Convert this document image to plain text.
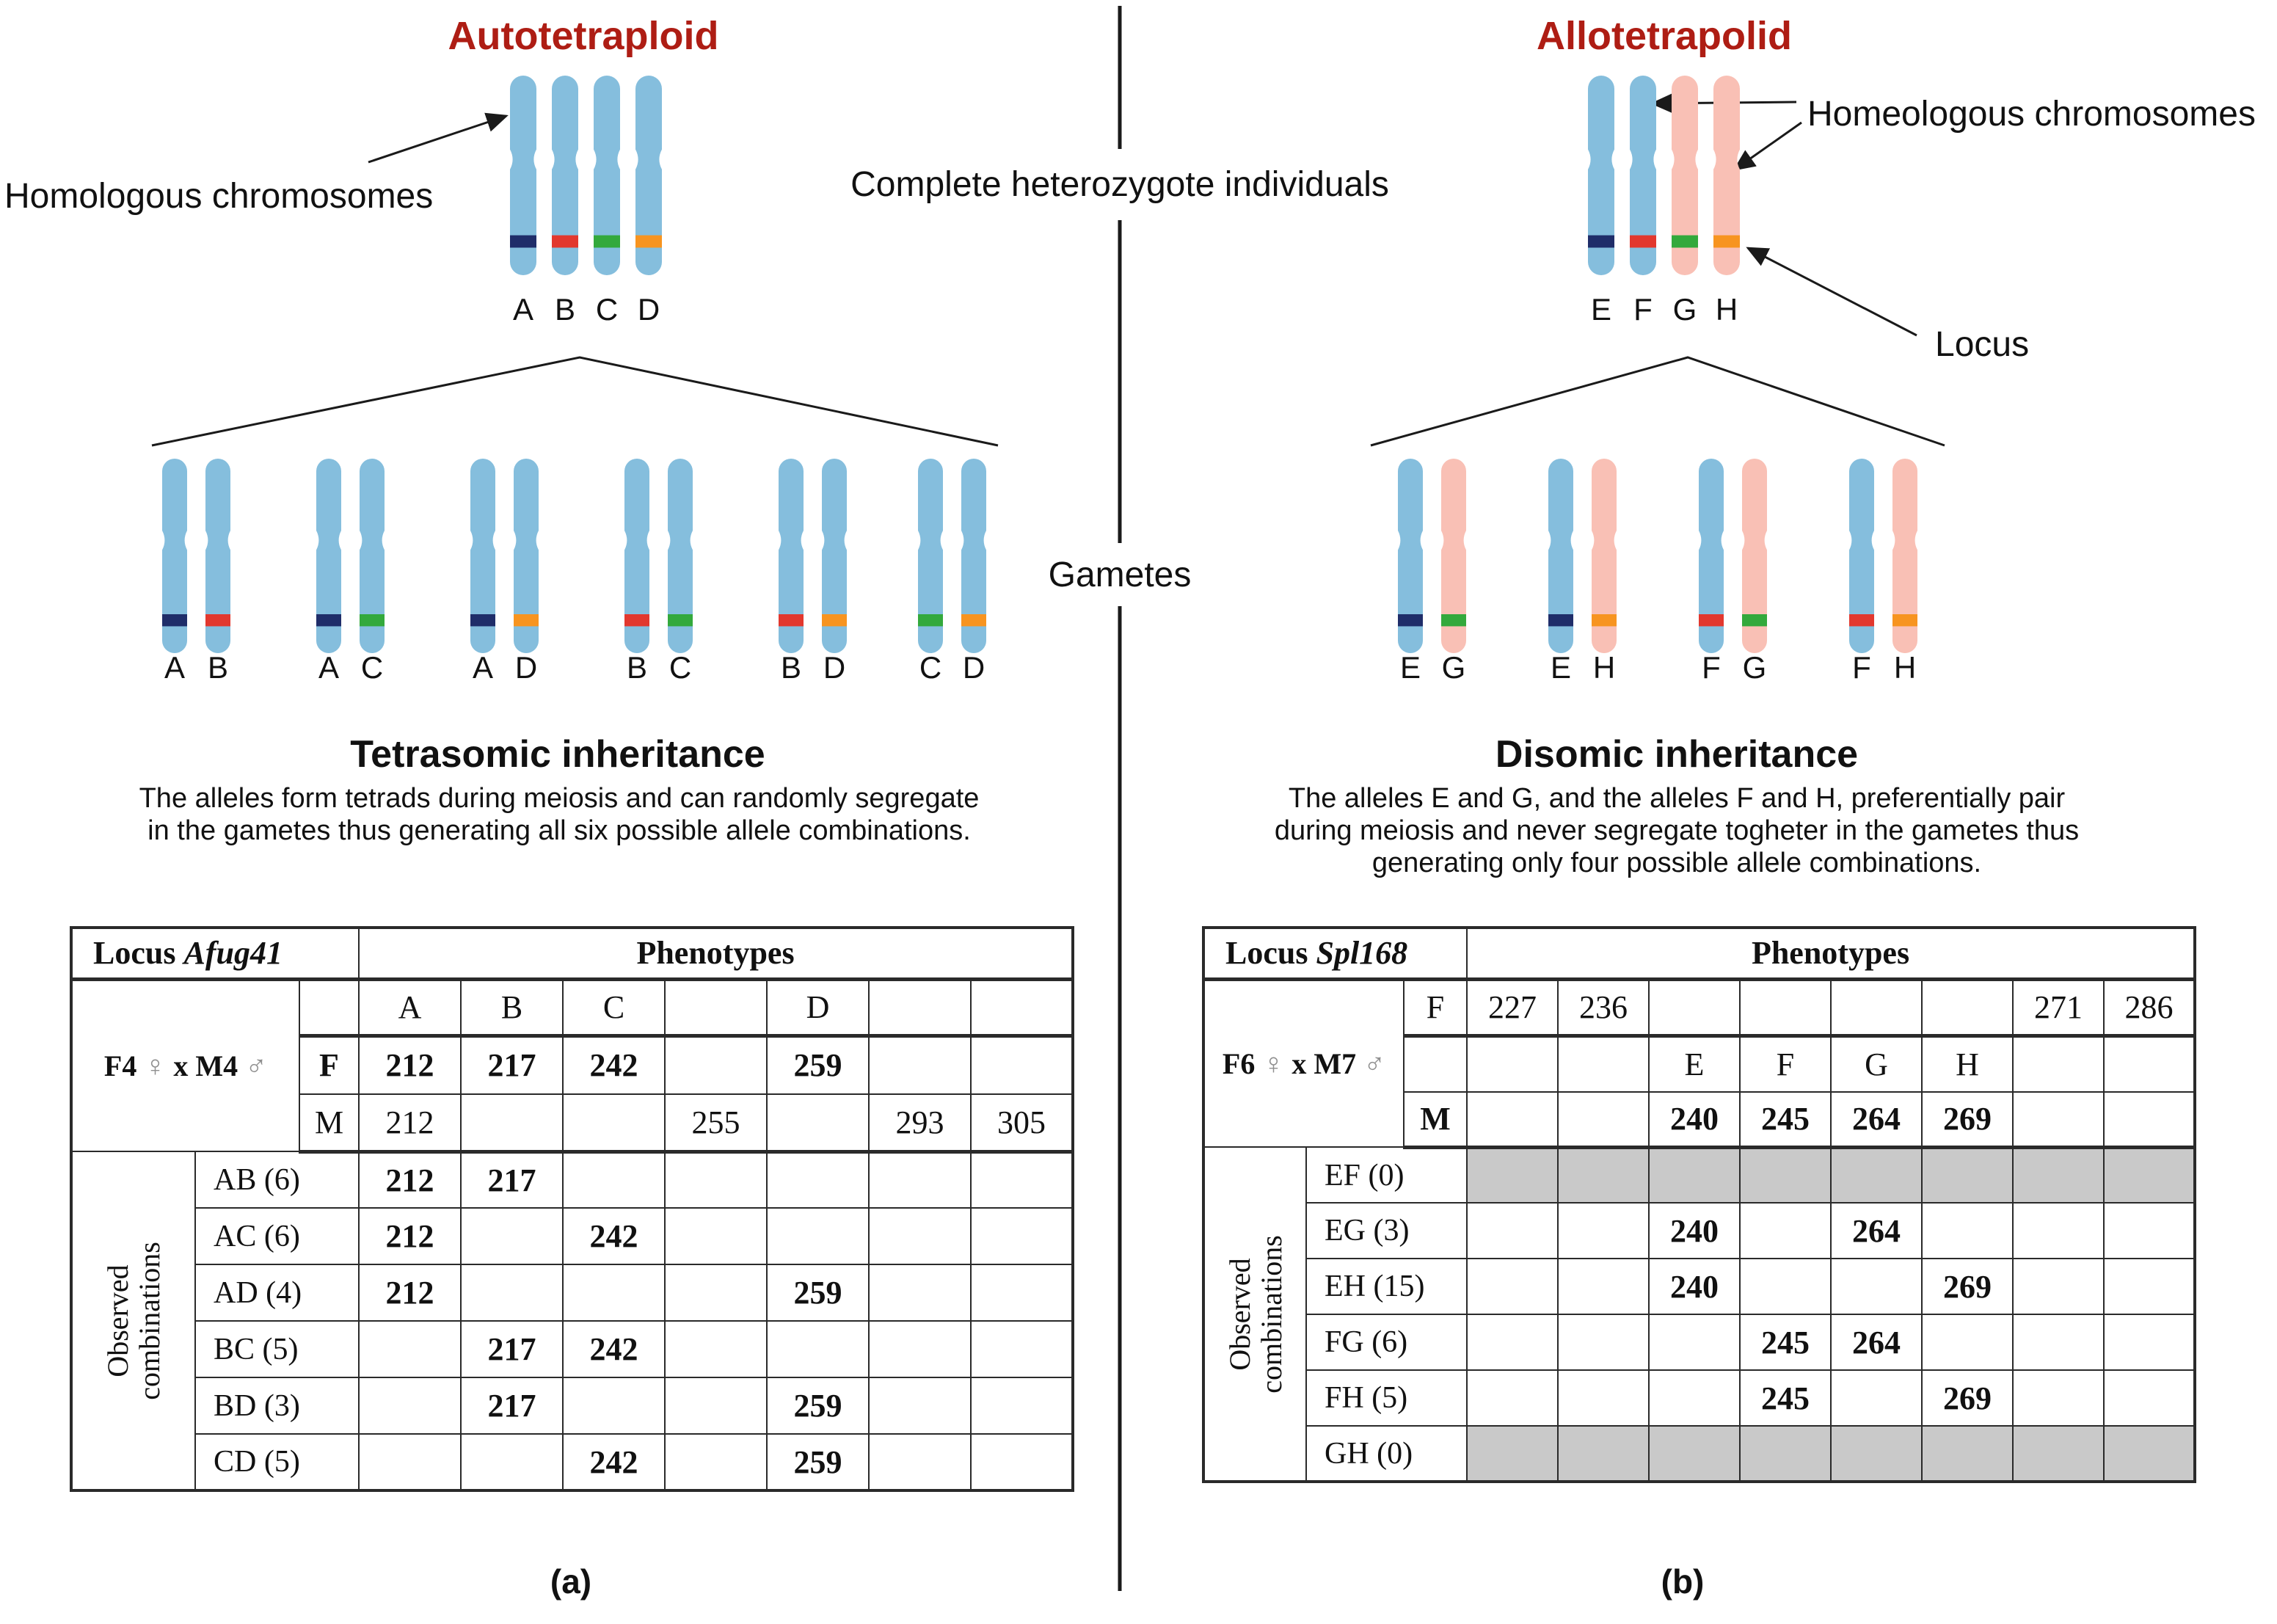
Autotetraploid	Allotetrapolid
Homologous chromosomes	Complete heterozygote individuals
Homeologous chromosomes
Locus
Gametes
A B C D	E F G H
A B	A C	A D	B C	B D C D	E G	E H	F G	F H
Tetrasomic inheritance
The alleles form tetrads during meiosis and can randomly segregate
in the gametes thus generating all six possible allele combinations.
Disomic inheritance
The alleles E and G, and the alleles F and H, preferentially pair
during meiosis and never segregate togheter in the gametes thus
generating only four possible allele combinations.
Locus Afug41			Phenotypes						
F4 ♀ x M4 ♂			A	B	C		D		
		F	212	217	242		259		
		M	212			255		293	305

Observed
combinations	AB (6)		212	217					
	AC (6)		212		242				
	AD (4)		212				259		
	BC (5)			217	242				
	BD (3)			217			259		
	CD (5)				242		259		
Locus Spl168			Phenotypes							
F6 ♀ x M7 ♂		F	227	236					271	286
					E	F	G	H		
		M			240	245	264	269		

Observed
combinations	EF (0)									
	EG (3)				240		264			
	EH (15)				240			269		
	FG (6)					245	264			
	FH (5)					245		269		
	GH (0)									
(a)	(b)
